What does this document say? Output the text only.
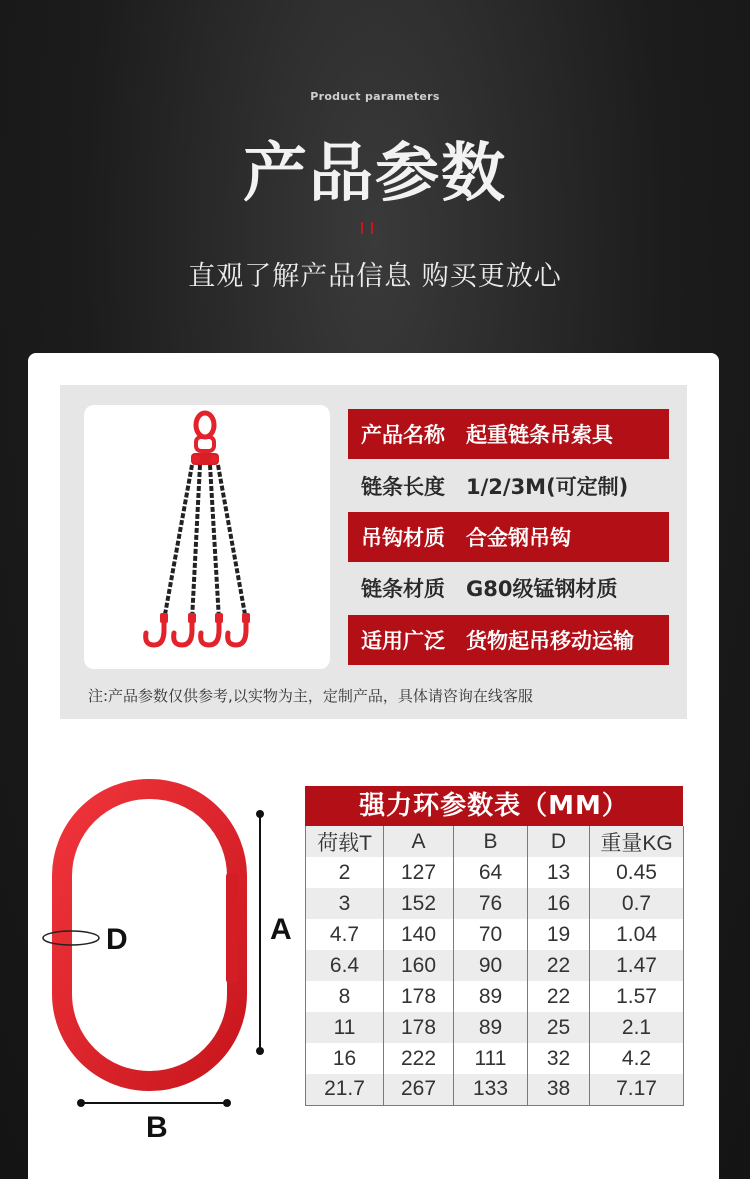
Product parameters
产品参数
直观了解产品信息 购买更放心
产品名称	起重链条吊索具
链条长度	1/2/3M(可定制)
吊钩材质	合金钢吊钩
链条材质	G80级锰钢材质
适用广泛	货物起吊移动运输
注:产品参数仅供参考,以实物为主，定制产品，具体请咨询在线客服
D	A
B
强力环参数表（MM）
荷载T	A	B	D	重量KG
2	127	64	13	0.45
3	152	76	16	0.7
4.7	140	70	19	1.04
6.4	160	90	22	1.47
8	178	89	22	1.57
11	178	89	25	2.1
16	222	111	32	4.2
21.7	267	133	38	7.17
